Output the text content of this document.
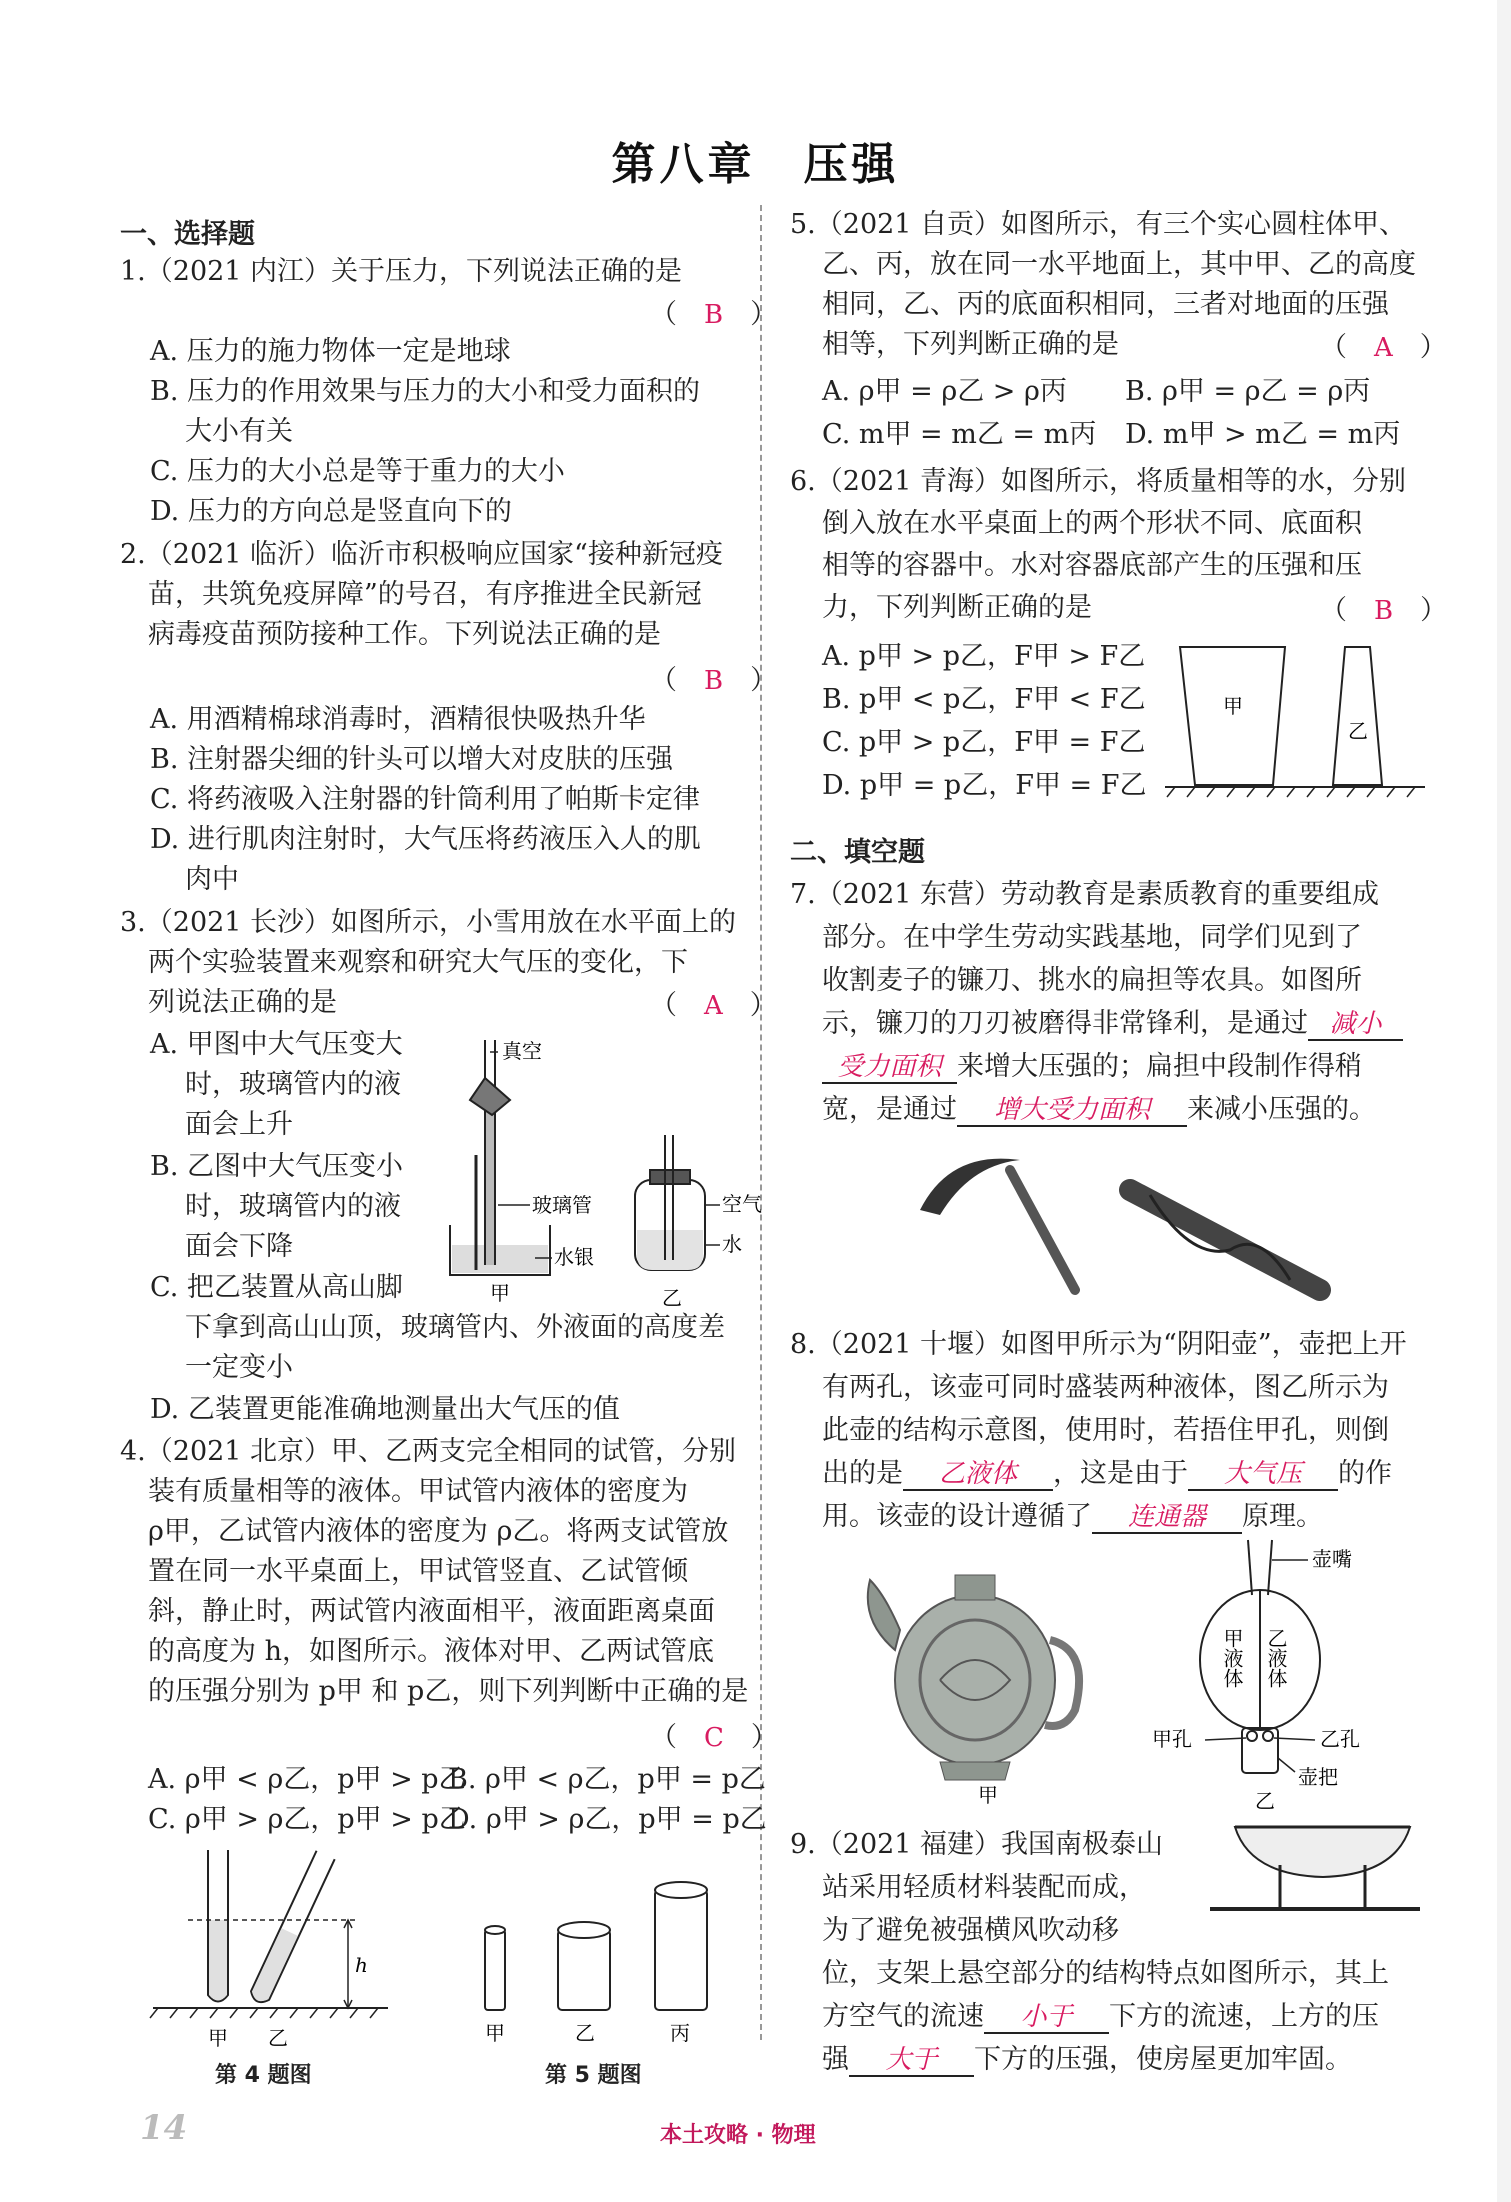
第八章　压强
一、选择题
1.（2021 内江）关于压力，下列说法正确的是
（　B　）
A. 压力的施力物体一定是地球
B. 压力的作用效果与压力的大小和受力面积的
大小有关
C. 压力的大小总是等于重力的大小
D. 压力的方向总是竖直向下的
2.（2021 临沂）临沂市积极响应国家“接种新冠疫
苗，共筑免疫屏障”的号召，有序推进全民新冠
病毒疫苗预防接种工作。下列说法正确的是
（　B　）
A. 用酒精棉球消毒时，酒精很快吸热升华
B. 注射器尖细的针头可以增大对皮肤的压强
C. 将药液吸入注射器的针筒利用了帕斯卡定律
D. 进行肌肉注射时，大气压将药液压入人的肌
肉中
3.（2021 长沙）如图所示，小雪用放在水平面上的
两个实验装置来观察和研究大气压的变化，下
列说法正确的是	（　A　）
A. 甲图中大气压变大
时，玻璃管内的液
面会上升
B. 乙图中大气压变小
时，玻璃管内的液
面会下降
C. 把乙装置从高山脚
下拿到高山山顶，玻璃管内、外液面的高度差
一定变小
D. 乙装置更能准确地测量出大气压的值
真空
玻璃管
水银
甲
空气
水
乙
4.（2021 北京）甲、乙两支完全相同的试管，分别
装有质量相等的液体。甲试管内液体的密度为
ρ甲，乙试管内液体的密度为 ρ乙。将两支试管放
置在同一水平桌面上，甲试管竖直、乙试管倾
斜，静止时，两试管内液面相平，液面距离桌面
的高度为 h，如图所示。液体对甲、乙两试管底
的压强分别为 p甲 和 p乙，则下列判断中正确的是
（　C　）
A. ρ甲 < ρ乙，p甲 > p乙
B. ρ甲 < ρ乙，p甲 = p乙
C. ρ甲 > ρ乙，p甲 > p乙
D. ρ甲 > ρ乙，p甲 = p乙
h
甲 乙
第 4 题图
甲	乙	丙
第 5 题图
5.（2021 自贡）如图所示，有三个实心圆柱体甲、
乙、丙，放在同一水平地面上，其中甲、乙的高度
相同，乙、丙的底面积相同，三者对地面的压强
相等，下列判断正确的是	（　A　）
A. ρ甲 = ρ乙 > ρ丙 B. ρ甲 = ρ乙 = ρ丙
C. m甲 = m乙 = m丙 D. m甲 > m乙 = m丙
6.（2021 青海）如图所示，将质量相等的水，分别
倒入放在水平桌面上的两个形状不同、底面积
相等的容器中。水对容器底部产生的压强和压
力，下列判断正确的是	（　B　）
A. p甲 > p乙，F甲 > F乙
B. p甲 < p乙，F甲 < F乙
C. p甲 > p乙，F甲 = F乙
D. p甲 = p乙，F甲 = F乙
甲
乙
二、填空题
7.（2021 东营）劳动教育是素质教育的重要组成
部分。在中学生劳动实践基地，同学们见到了
收割麦子的镰刀、挑水的扁担等农具。如图所
示，镰刀的刀刃被磨得非常锋利，是通过 减小
受力面积 来增大压强的；扁担中段制作得稍
宽，是通过 增大受力面积 来减小压强的。
8.（2021 十堰）如图甲所示为“阴阳壶”，壶把上开
有两孔，该壶可同时盛装两种液体，图乙所示为
此壶的结构示意图，使用时，若捂住甲孔，则倒
出的是 乙液体 ，这是由于 大气压 的作
用。该壶的设计遵循了 连通器 原理。
甲
壶嘴
甲液体 乙液体
甲孔	乙孔
壶把
乙
9.（2021 福建）我国南极泰山
站采用轻质材料装配而成，
为了避免被强横风吹动移
位，支架上悬空部分的结构特点如图所示，其上
方空气的流速 小于 下方的流速，上方的压
强 大于 下方的压强，使房屋更加牢固。
14	本土攻略 · 物理
